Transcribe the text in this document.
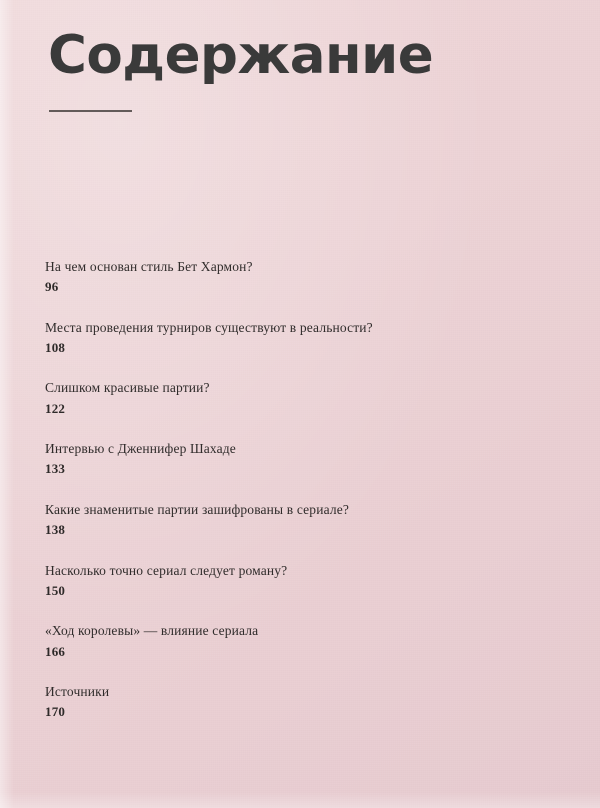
Содержание
На чем основан стиль Бет Хармон?
96
Места проведения турниров существуют в реальности?
108
Слишком красивые партии?
122
Интервью с Дженнифер Шахаде
133
Какие знаменитые партии зашифрованы в сериале?
138
Насколько точно сериал следует роману?
150
«Ход королевы» — влияние сериала
166
Источники
170
